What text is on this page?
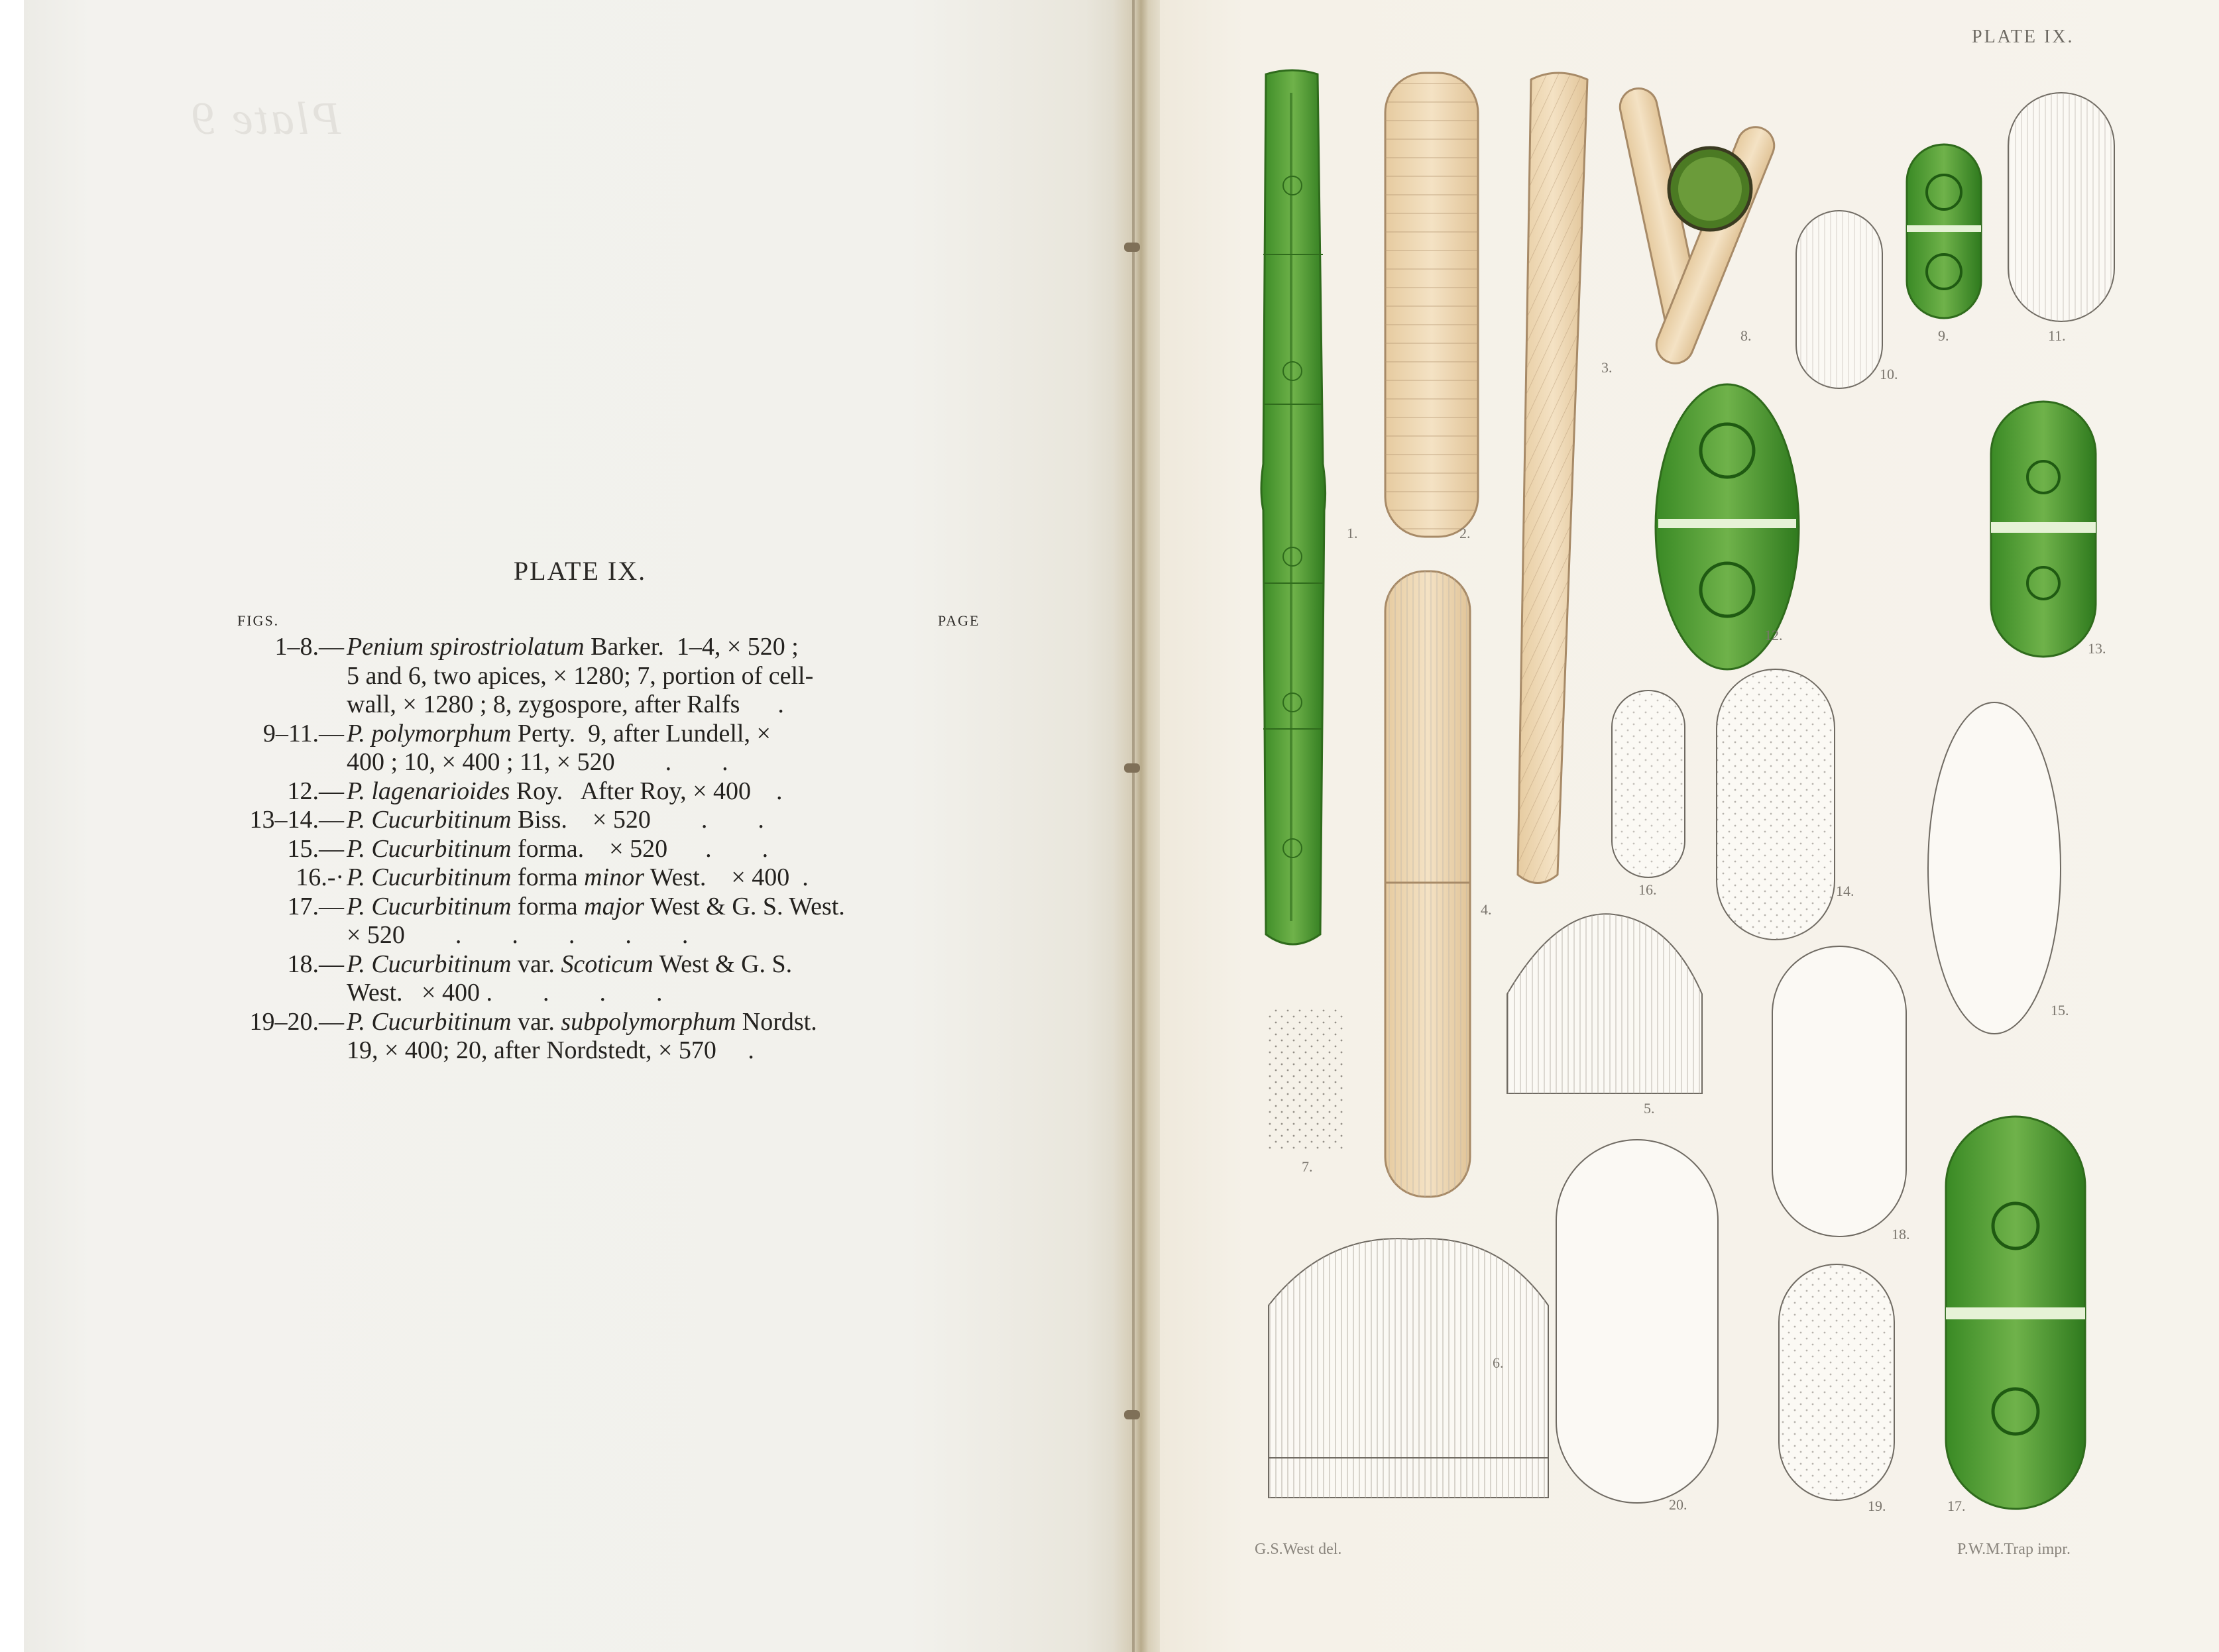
Plate 9
PLATE IX.
FIGS.	PAGE
1–8.— Penium spirostriolatum Barker.  1–4, × 520 ;
5 and 6, two apices, × 1280; 7, portion of cell-
wall, × 1280 ; 8, zygospore, after Ralfs      .
9–11.— P. polymorphum Perty.  9, after Lundell, ×
400 ; 10, × 400 ; 11, × 520        .        .
12.— P. lagenarioides Roy.   After Roy, × 400    .
13–14.— P. Cucurbitinum Biss.    × 520        .        .
15.— P. Cucurbitinum forma.    × 520      .        .
16.-· P. Cucurbitinum forma minor West.    × 400  .
17.— P. Cucurbitinum forma major West & G. S. West.
× 520        .        .        .        .        .
18.— P. Cucurbitinum var. Scoticum West & G. S.
West.   × 400 .        .        .        .
19–20.— P. Cucurbitinum var. subpolymorphum Nordst.
19, × 400; 20, after Nordstedt, × 570     .
PLATE IX.
1.	2.
3.
4.
5.
6.
7.
8.	9.
10.
11.
12.
13.
14.
15.
16.
17.
18.
19.
20.
G.S.West del.	P.W.M.Trap impr.
